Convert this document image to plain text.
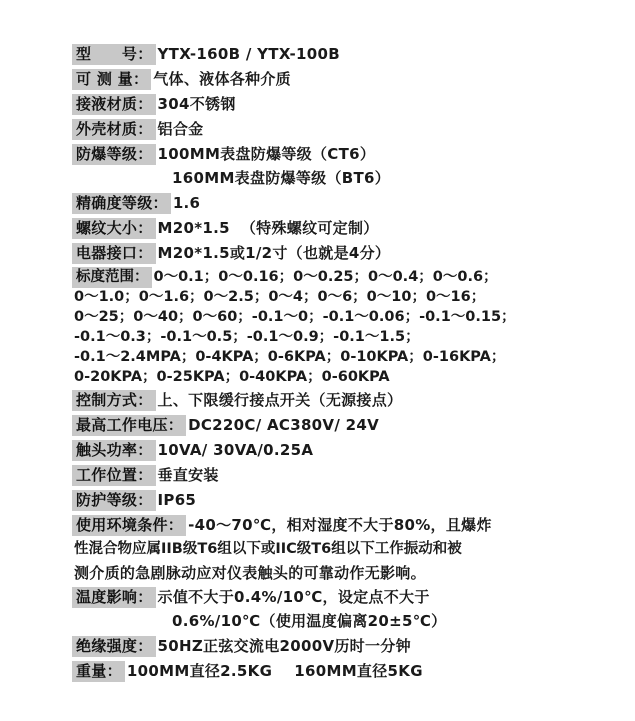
型　　号： YTX-160B / YTX-100B
可 测 量： 气体、液体各种介质
接液材质： 304不锈钢
外壳材质： 铝合金
防爆等级： 100MM表盘防爆等级（CT6）
160MM表盘防爆等级（BT6）
精确度等级： 1.6
螺纹大小： M20*1.5  （特殊螺纹可定制）
电器接口： M20*1.5或1/2寸（也就是4分）
标度范围： 0～0.1；0～0.16；0～0.25；0～0.4；0～0.6；
0～1.0；0～1.6；0～2.5；0～4；0～6；0～10；0～16；
0～25；0～40；0～60；-0.1～0；-0.1～0.06；-0.1～0.15；
-0.1～0.3；-0.1～0.5；-0.1～0.9；-0.1～1.5；
-0.1～2.4MPA；0-4KPA；0-6KPA；0-10KPA；0-16KPA；
0-20KPA；0-25KPA；0-40KPA；0-60KPA
控制方式： 上、下限缓行接点开关（无源接点）
最高工作电压： DC220C/ AC380V/ 24V
触头功率： 10VA/ 30VA/0.25A
工作位置： 垂直安装
防护等级： IP65
使用环境条件： -40～70℃，相对湿度不大于80%，且爆炸
性混合物应属IIB级T6组以下或IIC级T6组以下工作振动和被
测介质的急剧脉动应对仪表触头的可靠动作无影响。
温度影响： 示值不大于0.4%/10℃，设定点不大于
0.6%/10℃（使用温度偏离20±5℃）
绝缘强度： 50HZ正弦交流电2000V历时一分钟
重量： 100MM直径2.5KG    160MM直径5KG
